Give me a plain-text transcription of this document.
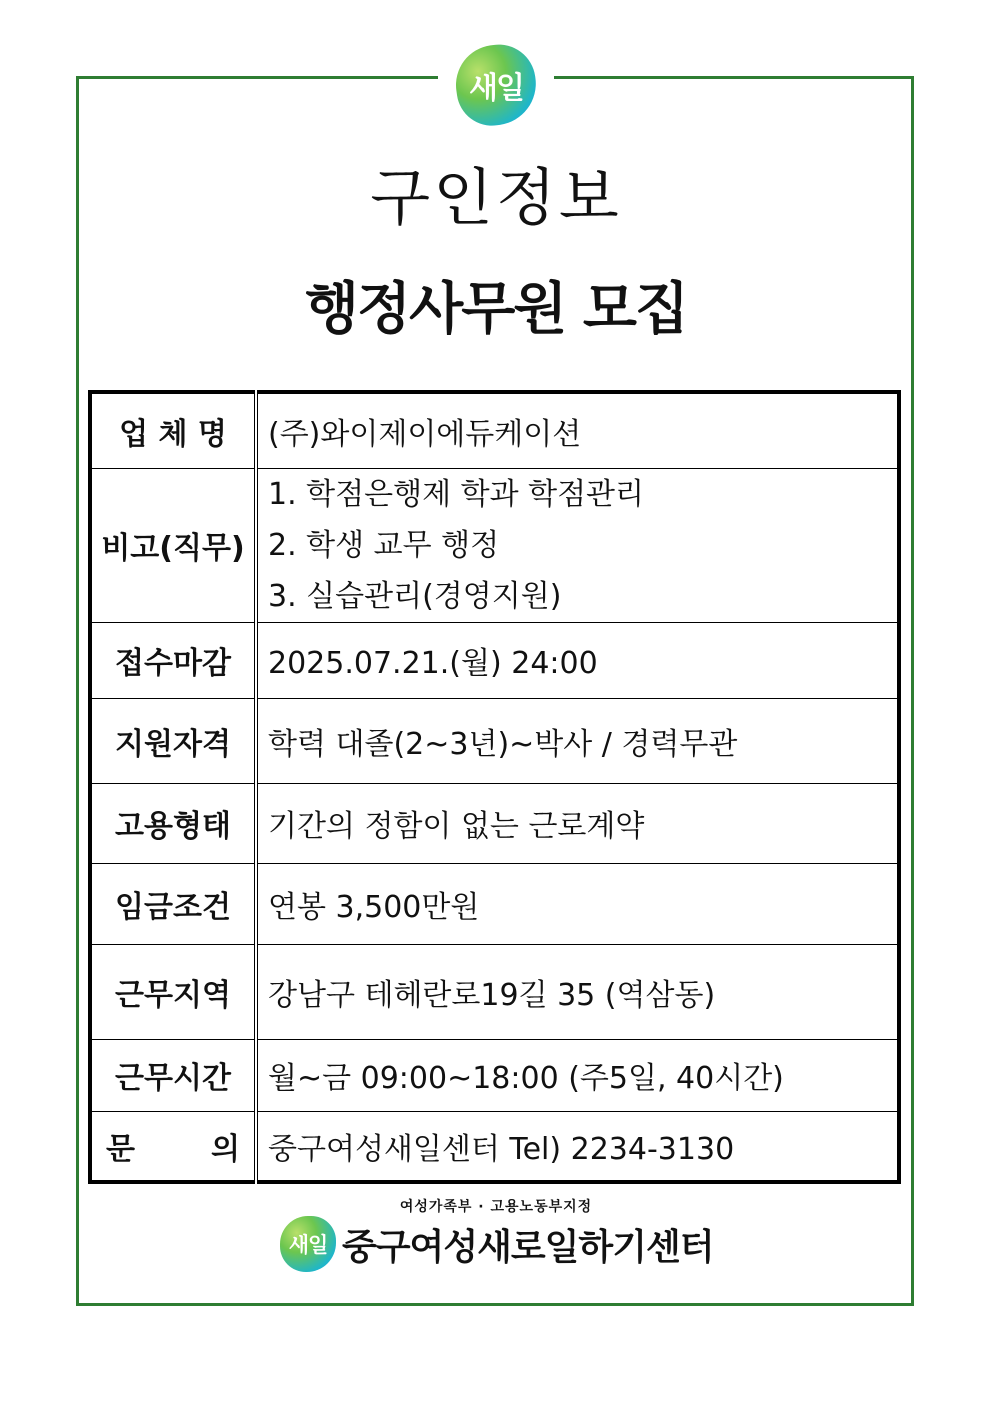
새일
구인정보
행정사무원 모집
업 체 명	(주)와이제이에듀케이션
비고(직무)	1. 학점은행제 학과 학점관리
2. 학생 교무 행정
3. 실습관리(경영지원)

접수마감	2025.07.21.(월) 24:00
지원자격	학력 대졸(2~3년)~박사 / 경력무관
고용형태	기간의 정함이 없는 근로계약
임금조건	연봉 3,500만원
근무지역	강남구 테헤란로19길 35 (역삼동)
근무시간	월~금 09:00~18:00 (주5일, 40시간)

문 의	중구여성새일센터 Tel) 2234-3130
여성가족부 · 고용노동부지정
새일 중구여성새로일하기센터
